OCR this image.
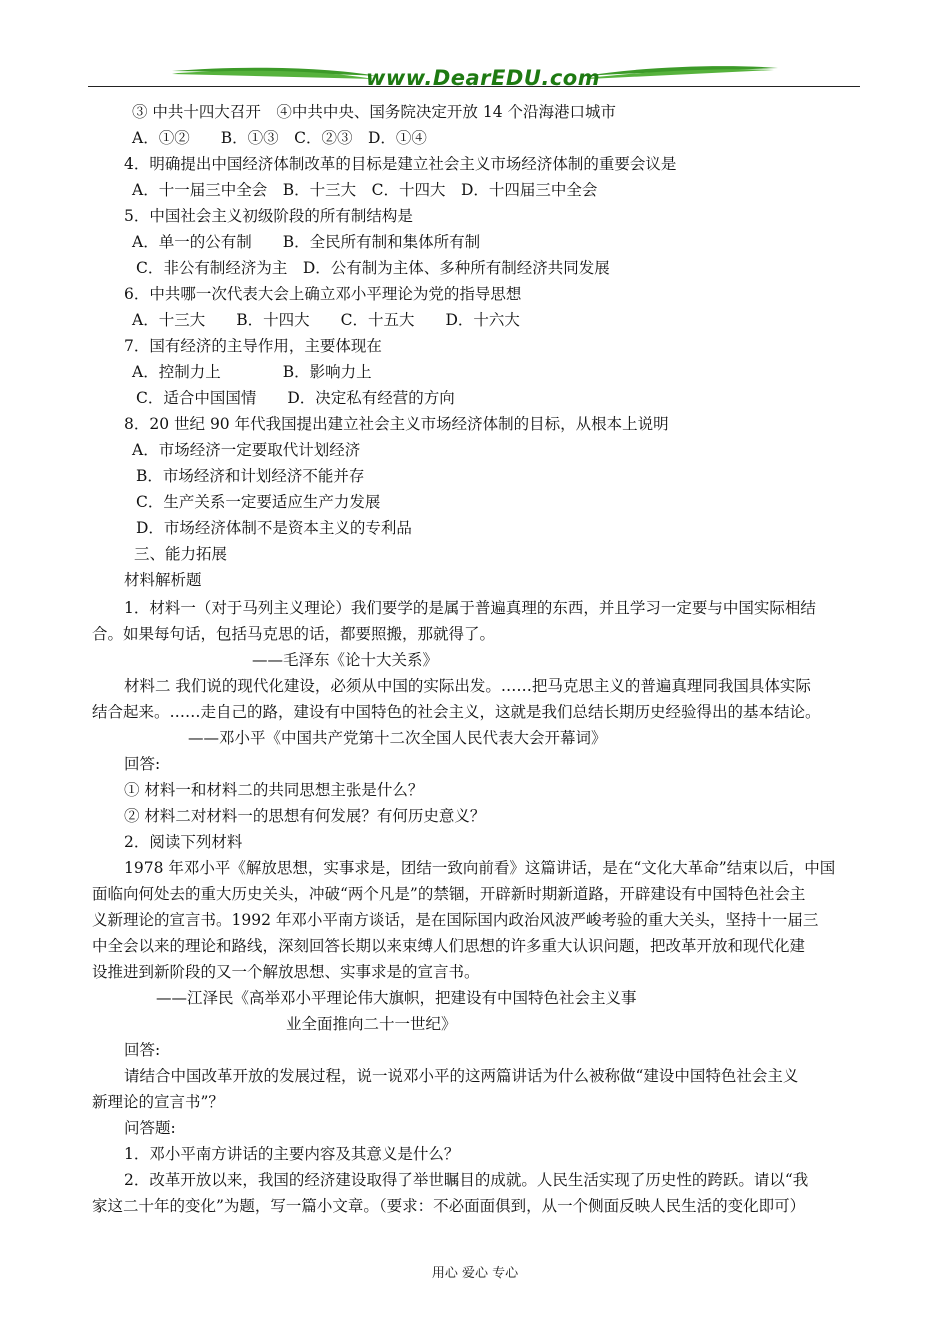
www.DearEDU.com
③ 中共十四大召开　④中共中央、国务院决定开放 14 个沿海港口城市
A．①②　　B．①③　C．②③　D．①④
4．明确提出中国经济体制改革的目标是建立社会主义市场经济体制的重要会议是
A．十一届三中全会　B．十三大　C．十四大　D．十四届三中全会
5．中国社会主义初级阶段的所有制结构是
A．单一的公有制　　B．全民所有制和集体所有制
C．非公有制经济为主　D．公有制为主体、多种所有制经济共同发展
6．中共哪一次代表大会上确立邓小平理论为党的指导思想
A．十三大　　B．十四大　　C．十五大　　D．十六大
7．国有经济的主导作用，主要体现在
A．控制力上　　　　B．影响力上
C．适合中国国情　　D．决定私有经营的方向
8．20 世纪 90 年代我国提出建立社会主义市场经济体制的目标，从根本上说明
A．市场经济一定要取代计划经济
B．市场经济和计划经济不能并存
C．生产关系一定要适应生产力发展
D．市场经济体制不是资本主义的专利品
三、能力拓展
材料解析题
1．材料一（对于马列主义理论）我们要学的是属于普遍真理的东西，并且学习一定要与中国实际相结
合。如果每句话，包括马克思的话，都要照搬，那就得了。
——毛泽东《论十大关系》
材料二 我们说的现代化建设，必须从中国的实际出发。……把马克思主义的普遍真理同我国具体实际
结合起来。……走自己的路，建设有中国特色的社会主义，这就是我们总结长期历史经验得出的基本结论。
——邓小平《中国共产党第十二次全国人民代表大会开幕词》
回答:
① 材料一和材料二的共同思想主张是什么？
② 材料二对材料一的思想有何发展？有何历史意义？
2．阅读下列材料
1978 年邓小平《解放思想，实事求是，团结一致向前看》这篇讲话，是在“文化大革命”结束以后，中国
面临向何处去的重大历史关头，冲破“两个凡是”的禁锢，开辟新时期新道路，开辟建设有中国特色社会主
义新理论的宣言书。1992 年邓小平南方谈话，是在国际国内政治风波严峻考验的重大关头，坚持十一届三
中全会以来的理论和路线，深刻回答长期以来束缚人们思想的许多重大认识问题，把改革开放和现代化建
设推进到新阶段的又一个解放思想、实事求是的宣言书。
——江泽民《高举邓小平理论伟大旗帜，把建设有中国特色社会主义事
业全面推向二十一世纪》
回答:
请结合中国改革开放的发展过程，说一说邓小平的这两篇讲话为什么被称做“建设中国特色社会主义
新理论的宣言书”？
问答题:
1．邓小平南方讲话的主要内容及其意义是什么？
2．改革开放以来，我国的经济建设取得了举世瞩目的成就。人民生活实现了历史性的跨跃。请以“我
家这二十年的变化”为题，写一篇小文章。（要求：不必面面俱到，从一个侧面反映人民生活的变化即可）
用心 爱心 专心
